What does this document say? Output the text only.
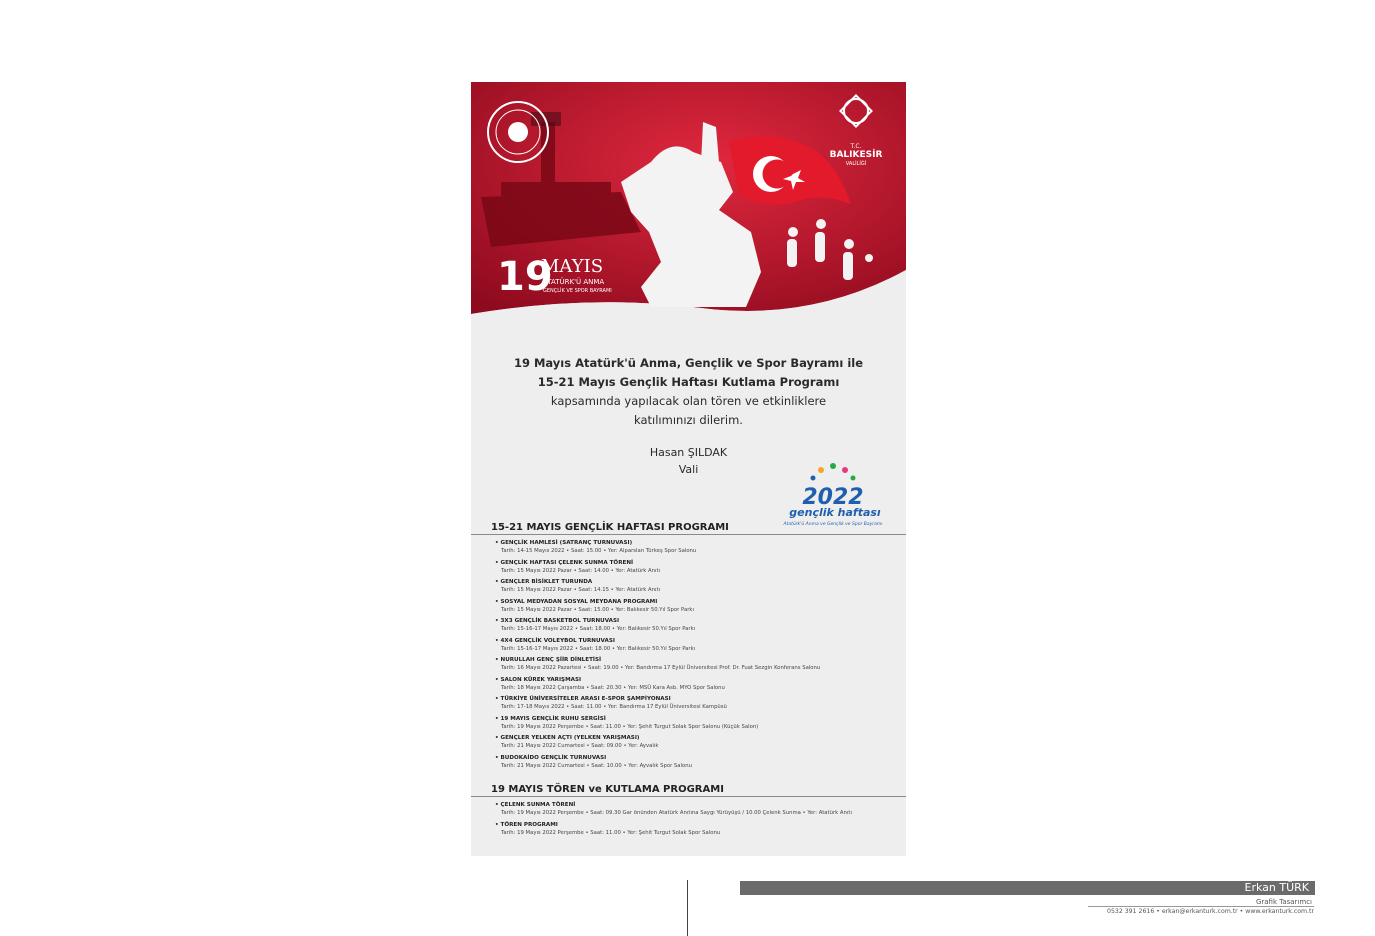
T.C.
BALIKESİR
VALİLİĞİ
19
MAYIS
ATATÜRK'Ü ANMA
GENÇLİK VE SPOR BAYRAMI
19 Mayıs Atatürk'ü Anma, Gençlik ve Spor Bayramı ile
15-21 Mayıs Gençlik Haftası Kutlama Programı
kapsamında yapılacak olan tören ve etkinliklere
katılımınızı dilerim.
Hasan ŞILDAK
Vali
2022
gençlik haftası
Atatürk'ü Anma ve Gençlik ve Spor Bayramı
15-21 MAYIS GENÇLİK HAFTASI PROGRAMI
• GENÇLİK HAMLESİ (SATRANÇ TURNUVASI)
Tarih: 14-15 Mayıs 2022 • Saat: 15.00 • Yer: Alparslan Türkeş Spor Salonu
• GENÇLİK HAFTASI ÇELENK SUNMA TÖRENİ
Tarih: 15 Mayıs 2022 Pazar • Saat: 14.00 • Yer: Atatürk Anıtı
• GENÇLER BİSİKLET TURUNDA
Tarih: 15 Mayıs 2022 Pazar • Saat: 14.15 • Yer: Atatürk Anıtı
• SOSYAL MEDYADAN SOSYAL MEYDANA PROGRAMI
Tarih: 15 Mayıs 2022 Pazar • Saat: 15.00 • Yer: Balıkesir 50.Yıl Spor Parkı
• 3X3 GENÇLİK BASKETBOL TURNUVASI
Tarih: 15-16-17 Mayıs 2022 • Saat: 18.00 • Yer: Balıkesir 50.Yıl Spor Parkı
• 4X4 GENÇLİK VOLEYBOL TURNUVASI
Tarih: 15-16-17 Mayıs 2022 • Saat: 18.00 • Yer: Balıkesir 50.Yıl Spor Parkı
• NURULLAH GENÇ ŞİİR DİNLETİSİ
Tarih: 16 Mayıs 2022 Pazartesi • Saat: 19.00 • Yer: Bandırma 17 Eylül Üniversitesi Prof. Dr. Fuat Sezgin Konferans Salonu
• SALON KÜREK YARIŞMASI
Tarih: 18 Mayıs 2022 Çarşamba • Saat: 20.30 • Yer: MSÜ Kara Asb. MYO Spor Salonu
• TÜRKİYE ÜNİVERSİTELER ARASI E-SPOR ŞAMPİYONASI
Tarih: 17-18 Mayıs 2022 • Saat: 11.00 • Yer: Bandırma 17 Eylül Üniversitesi Kampüsü
• 19 MAYIS GENÇLİK RUHU SERGİSİ
Tarih: 19 Mayıs 2022 Perşembe • Saat: 11.00 • Yer: Şehit Turgut Solak Spor Salonu (Küçük Salon)
• GENÇLER YELKEN AÇTI (YELKEN YARIŞMASI)
Tarih: 21 Mayıs 2022 Cumartesi • Saat: 09.00 • Yer: Ayvalık
• BUDOKAİDO GENÇLİK TURNUVASI
Tarih: 21 Mayıs 2022 Cumartesi • Saat: 10.00 • Yer: Ayvalık Spor Salonu
19 MAYIS TÖREN ve KUTLAMA PROGRAMI
• ÇELENK SUNMA TÖRENİ
Tarih: 19 Mayıs 2022 Perşembe • Saat: 09.30 Gar önünden Atatürk Anıtına Saygı Yürüyüşü / 10.00 Çelenk Sunma • Yer: Atatürk Anıtı
• TÖREN PROGRAMI
Tarih: 19 Mayıs 2022 Perşembe • Saat: 11.00 • Yer: Şehit Turgut Solak Spor Salonu
Erkan TÜRK
Grafik Tasarımcı
0532 391 2616 • erkan@erkanturk.com.tr • www.erkanturk.com.tr
